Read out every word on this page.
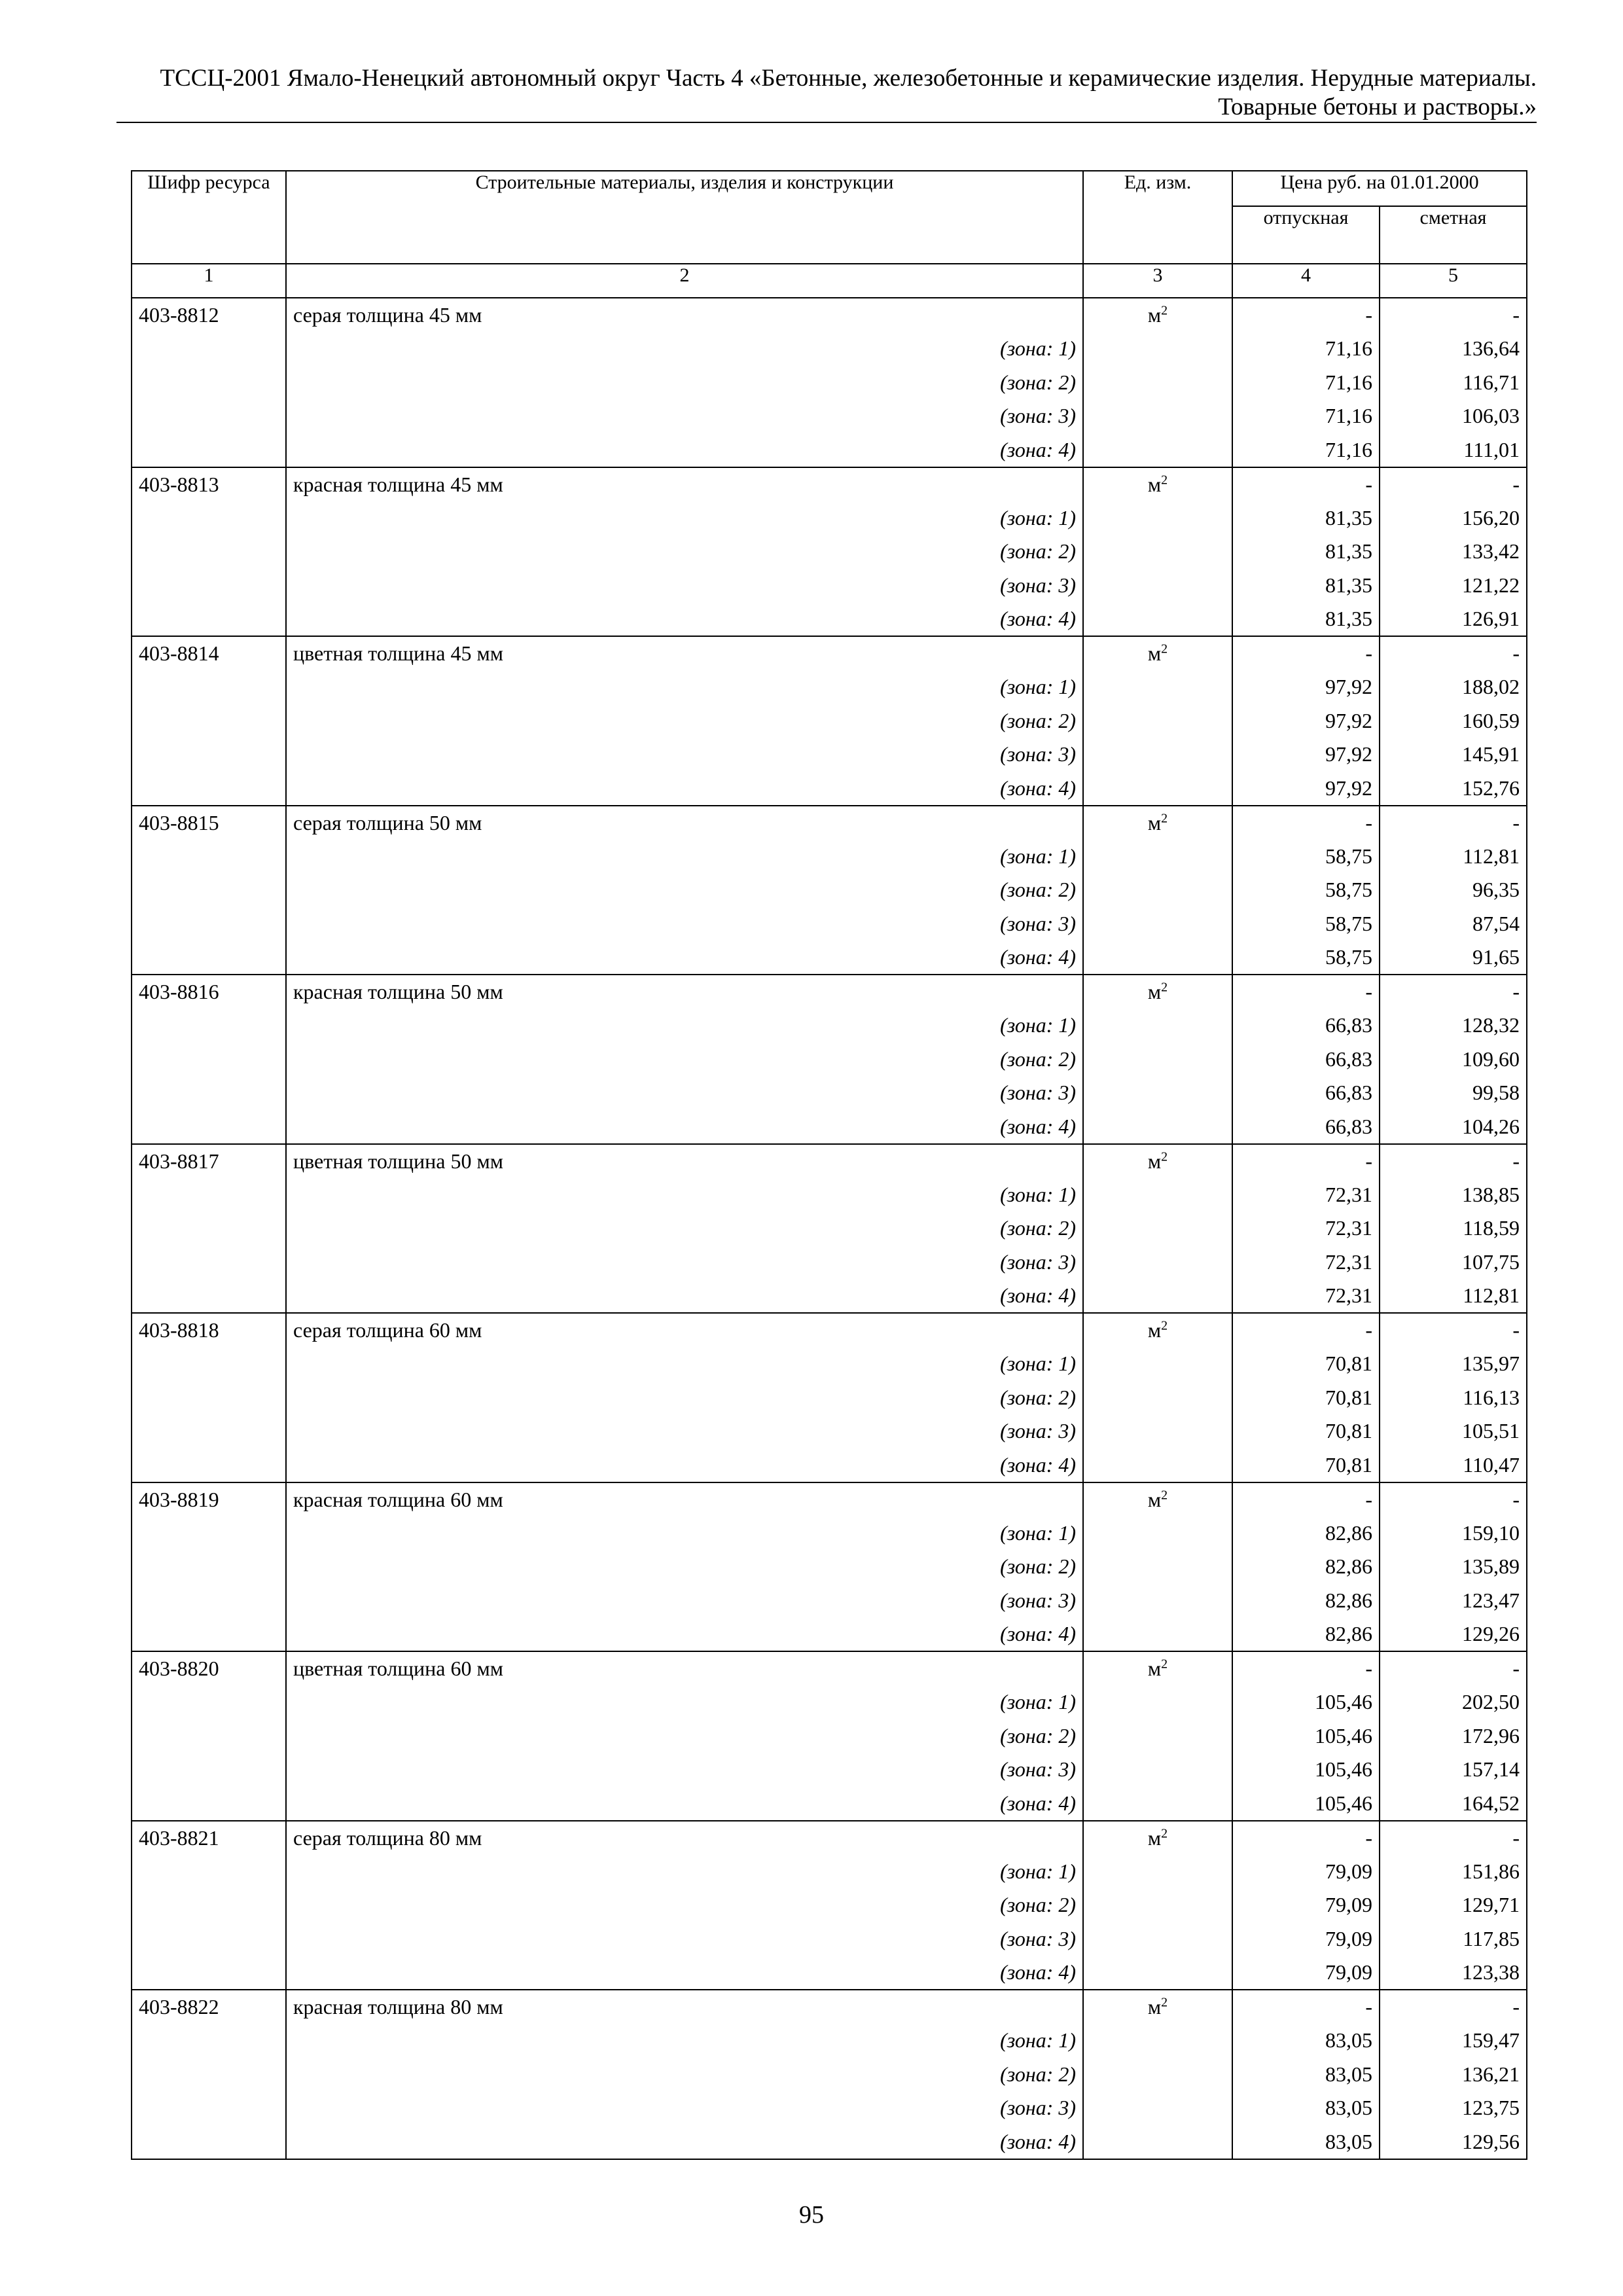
ТССЦ-2001 Ямало-Ненецкий автономный округ Часть 4 «Бетонные, железобетонные и керамические изделия. Нерудные материалы.
Товарные бетоны и растворы.»
Шифр ресурса	Строительные материалы, изделия и конструкции	Ед. изм.	Цена руб. на 01.01.2000	
			отпускная	сметная
1	2	3	4	5
403-8812	серая толщина 45 мм	$м^2$	-	-
	(зона: 1)		71,16	136,64
	(зона: 2)		71,16	116,71
	(зона: 3)		71,16	106,03
	(зона: 4)		71,16	111,01
403-8813	красная толщина 45 мм	$м^2$	-	-
	(зона: 1)		81,35	156,20
	(зона: 2)		81,35	133,42
	(зона: 3)		81,35	121,22
	(зона: 4)		81,35	126,91
403-8814	цветная толщина 45 мм	$м^2$	-	-
	(зона: 1)		97,92	188,02
	(зона: 2)		97,92	160,59
	(зона: 3)		97,92	145,91
	(зона: 4)		97,92	152,76
403-8815	серая толщина 50 мм	$м^2$	-	-
	(зона: 1)		58,75	112,81
	(зона: 2)		58,75	96,35
	(зона: 3)		58,75	87,54
	(зона: 4)		58,75	91,65
403-8816	красная толщина 50 мм	$м^2$	-	-
	(зона: 1)		66,83	128,32
	(зона: 2)		66,83	109,60
	(зона: 3)		66,83	99,58
	(зона: 4)		66,83	104,26
403-8817	цветная толщина 50 мм	$м^2$	-	-
	(зона: 1)		72,31	138,85
	(зона: 2)		72,31	118,59
	(зона: 3)		72,31	107,75
	(зона: 4)		72,31	112,81
403-8818	серая толщина 60 мм	$м^2$	-	-
	(зона: 1)		70,81	135,97
	(зона: 2)		70,81	116,13
	(зона: 3)		70,81	105,51
	(зона: 4)		70,81	110,47
403-8819	красная толщина 60 мм	$м^2$	-	-
	(зона: 1)		82,86	159,10
	(зона: 2)		82,86	135,89
	(зона: 3)		82,86	123,47
	(зона: 4)		82,86	129,26
403-8820	цветная толщина 60 мм	$м^2$	-	-
	(зона: 1)		105,46	202,50
	(зона: 2)		105,46	172,96
	(зона: 3)		105,46	157,14
	(зона: 4)		105,46	164,52
403-8821	серая толщина 80 мм	$м^2$	-	-
	(зона: 1)		79,09	151,86
	(зона: 2)		79,09	129,71
	(зона: 3)		79,09	117,85
	(зона: 4)		79,09	123,38
403-8822	красная толщина 80 мм	$м^2$	-	-
	(зона: 1)		83,05	159,47
	(зона: 2)		83,05	136,21
	(зона: 3)		83,05	123,75
	(зона: 4)		83,05	129,56
95
